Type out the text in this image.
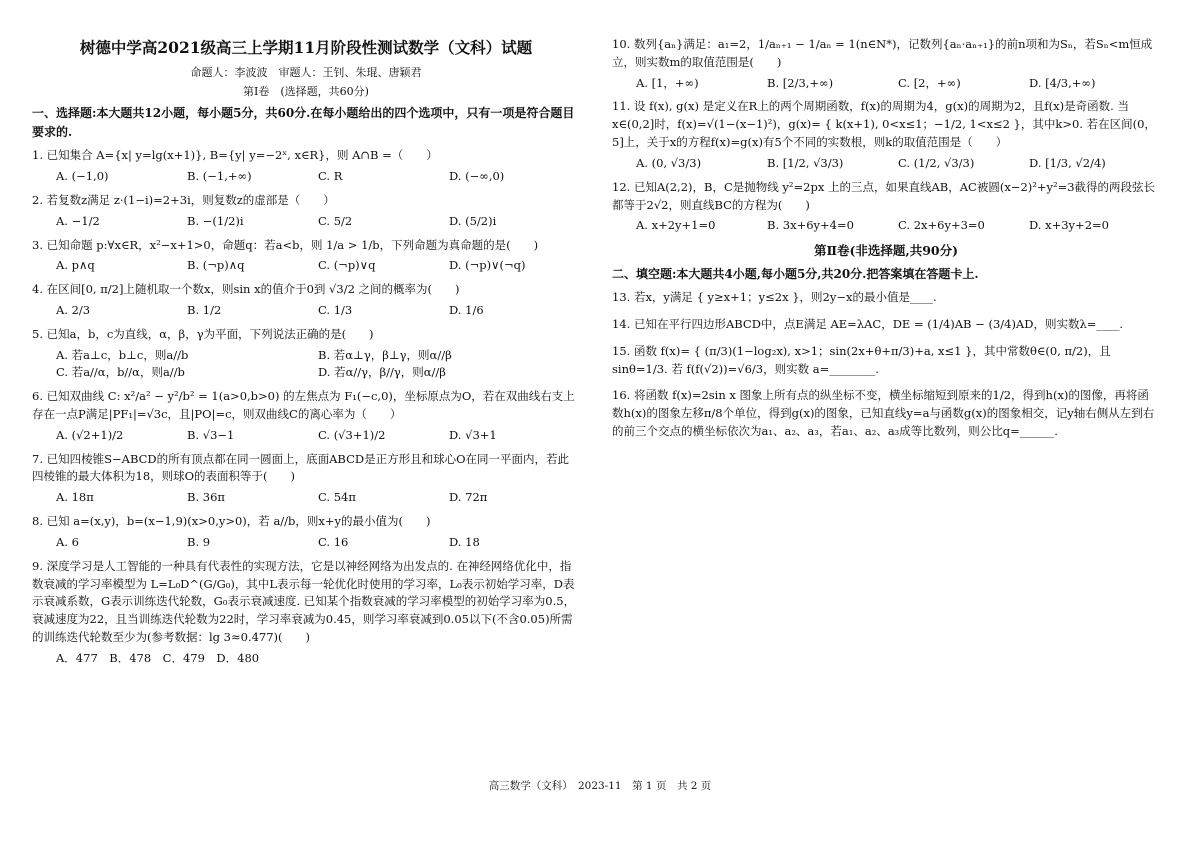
树德中学高2021级高三上学期11月阶段性测试数学（文科）试题
命题人：李波波　审题人：王钊、朱琨、唐颖君
第Ⅰ卷　(选择题，共60分)
一、选择题:本大题共12小题，每小题5分，共60分.在每小题给出的四个选项中，只有一项是符合题目要求的.
1. 已知集合 A={x| y=lg(x+1)}, B={y| y=−2ˣ, x∈R}，则 A∩B =（　　）
A. (−1,0)	B. (−1,+∞)	C. R	D. (−∞,0)
2. 若复数z满足 z·(1−i)=2+3i，则复数z的虚部是（　　）
A. −1/2	B. −(1/2)i	C. 5/2	D. (5/2)i
3. 已知命题 p:∀x∈R，x²−x+1>0，命题q：若a<b，则 1/a > 1/b，下列命题为真命题的是(　　)
A. p∧q	B. (¬p)∧q	C. (¬p)∨q	D. (¬p)∨(¬q)
4. 在区间[0, π/2]上随机取一个数x，则sin x的值介于0到 √3/2 之间的概率为(　　)
A. 2/3	B. 1/2	C. 1/3	D. 1/6
5. 已知a，b，c为直线，α，β，γ为平面，下列说法正确的是(　　)
A. 若a⊥c，b⊥c，则a//b	B. 若α⊥γ，β⊥γ，则α//β
C. 若a//α，b//α，则a//b	D. 若α//γ，β//γ，则α//β
6. 已知双曲线 C: x²/a² − y²/b² = 1(a>0,b>0) 的左焦点为 F₁(−c,0)，坐标原点为O，若在双曲线右支上存在一点P满足|PF₁|=√3c，且|PO|=c，则双曲线C的离心率为（　　）
A. (√2+1)/2	B. √3−1	C. (√3+1)/2	D. √3+1
7. 已知四棱锥S−ABCD的所有顶点都在同一圆面上，底面ABCD是正方形且和球心O在同一平面内，若此四棱锥的最大体积为18，则球O的表面积等于(　　)
A. 18π	B. 36π	C. 54π	D. 72π
8. 已知 a=(x,y)，b=(x−1,9)(x>0,y>0)，若 a//b，则x+y的最小值为(　　)
A. 6	B. 9	C. 16	D. 18
9. 深度学习是人工智能的一种具有代表性的实现方法，它是以神经网络为出发点的. 在神经网络优化中，指数衰减的学习率模型为 L=L₀D^(G/G₀)，其中L表示每一轮优化时使用的学习率，L₀表示初始学习率，D表示衰减系数，G表示训练迭代轮数，G₀表示衰减速度. 已知某个指数衰减的学习率模型的初始学习率为0.5，衰减速度为22，且当训练迭代轮数为22时，学习率衰减为0.45，则学习率衰减到0.05以下(不含0.05)所需的训练迭代轮数至少为(参考数据：lg 3≈0.477)(　　)
A．477　B．478　C．479　D．480
10. 数列{aₙ}满足：a₁=2，1/aₙ₊₁ − 1/aₙ = 1(n∈N*)，记数列{aₙ·aₙ₊₁}的前n项和为Sₙ，若Sₙ<m恒成立，则实数m的取值范围是(　　)
A. [1，+∞)	B. [2/3,+∞)	C. [2，+∞)	D. [4/3,+∞)
11. 设 f(x), g(x) 是定义在R上的两个周期函数，f(x)的周期为4，g(x)的周期为2，且f(x)是奇函数. 当x∈(0,2]时，f(x)=√(1−(x−1)²)，g(x)= { k(x+1), 0<x≤1；−1/2, 1<x≤2 }，其中k>0. 若在区间(0，5]上，关于x的方程f(x)=g(x)有5个不同的实数根，则k的取值范围是（　　）
A. (0, √3/3)	B. [1/2, √3/3)	C. (1/2, √3/3)	D. [1/3, √2/4)
12. 已知A(2,2)，B，C是抛物线 y²=2px 上的三点，如果直线AB，AC被圆(x−2)²+y²=3截得的两段弦长都等于2√2，则直线BC的方程为(　　)
A. x+2y+1=0	B. 3x+6y+4=0	C. 2x+6y+3=0	D. x+3y+2=0
第Ⅱ卷(非选择题,共90分)
二、填空题:本大题共4小题,每小题5分,共20分.把答案填在答题卡上.
13. 若x，y满足 { y≥x+1；y≤2x }，则2y−x的最小值是____.
14. 已知在平行四边形ABCD中，点E满足 AE=λAC，DE = (1/4)AB − (3/4)AD，则实数λ=____.
15. 函数 f(x)= { (π/3)(1−log₂x), x>1；sin(2x+θ+π/3)+a, x≤1 }，其中常数θ∈(0, π/2)，且sinθ=1/3. 若 f(f(√2))=√6/3，则实数 a=________.
16. 将函数 f(x)=2sin x 图象上所有点的纵坐标不变，横坐标缩短到原来的1/2，得到h(x)的图像，再将函数h(x)的图象左移π/8个单位，得到g(x)的图象，已知直线y=a与函数g(x)的图象相交，记y轴右侧从左到右的前三个交点的横坐标依次为a₁、a₂、a₃，若a₁、a₂、a₃成等比数列，则公比q=______.
高三数学（文科）　2023-11　第 1 页　共 2 页
